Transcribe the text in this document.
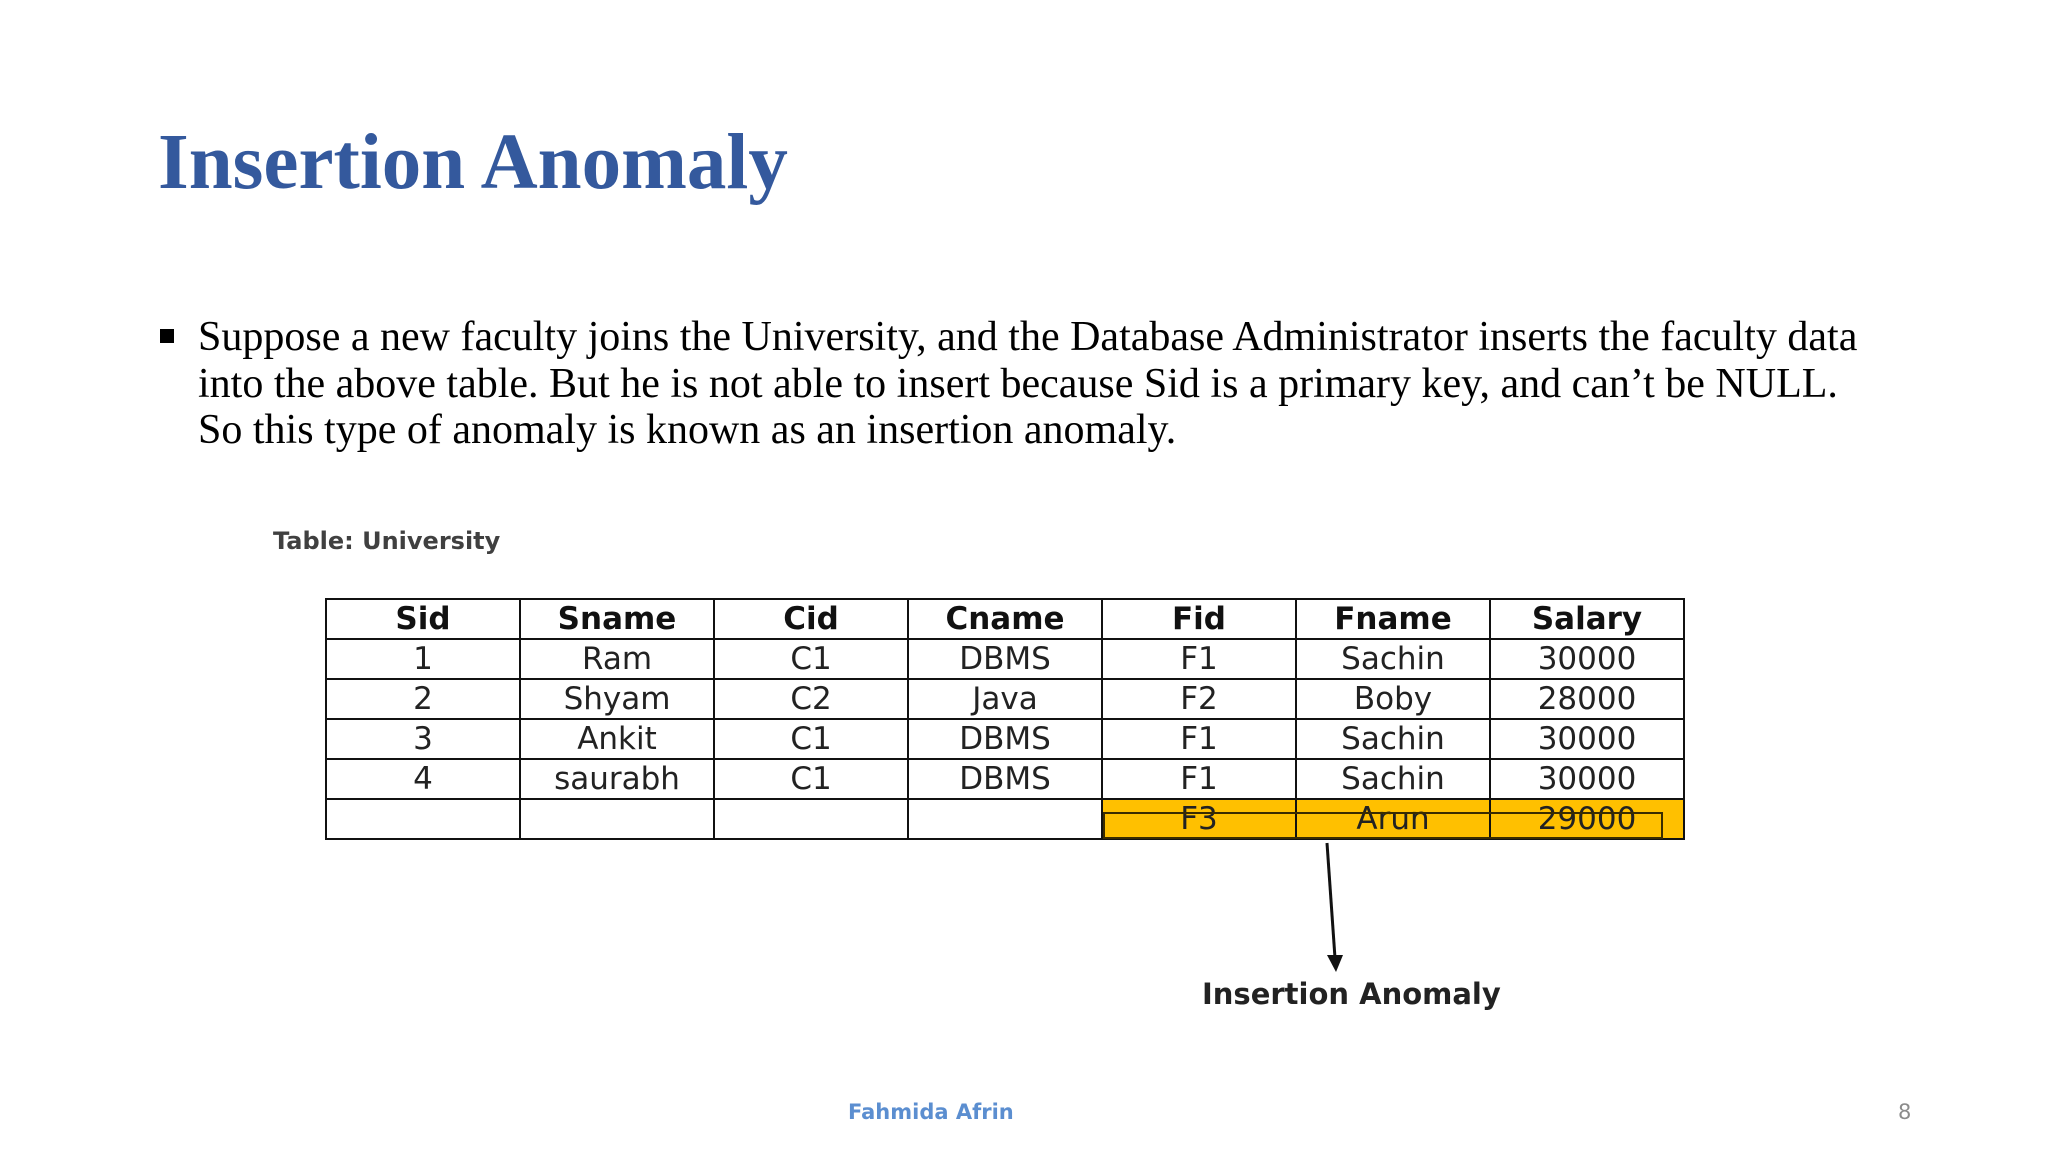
Insertion Anomaly
Suppose a new faculty joins the University, and the Database Administrator inserts the faculty data
into the above table. But he is not able to insert because Sid is a primary key, and can’t be NULL.
So this type of anomaly is known as an insertion anomaly.
Table: University
Sid	Sname	Cid	Cname	Fid	Fname	Salary
1	Ram	C1	DBMS	F1	Sachin	30000
2	Shyam	C2	Java	F2	Boby	28000
3	Ankit	C1	DBMS	F1	Sachin	30000
4	saurabh	C1	DBMS	F1	Sachin	30000
				F3	Arun	29000
Insertion Anomaly
Fahmida Afrin	8
